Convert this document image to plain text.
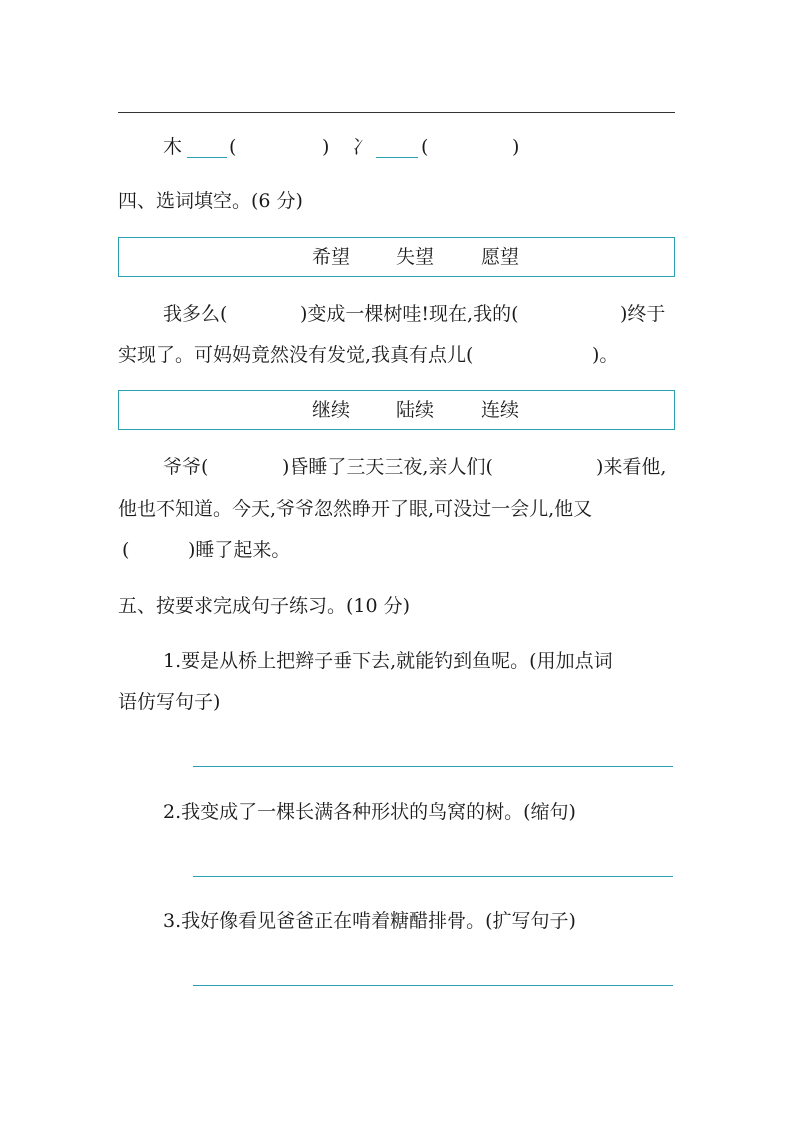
木 (	) 冫	(	)
四、选词填空。(6 分)
希望 失望 愿望
我多么(	)变成一棵树哇!现在,我的(	)终于
实现了。可妈妈竟然没有发觉,我真有点儿(	)。
继续 陆续 连续
爷爷(	)昏睡了三天三夜,亲人们(	)来看他,
他也不知道。今天,爷爷忽然睁开了眼,可没过一会儿,他又
(	)睡了起来。
五、按要求完成句子练习。(10 分)
1.要是从桥上把辫子垂下去,就能钓到鱼呢。(用加点词
语仿写句子)
2.我变成了一棵长满各种形状的鸟窝的树。(缩句)
3.我好像看见爸爸正在啃着糖醋排骨。(扩写句子)
